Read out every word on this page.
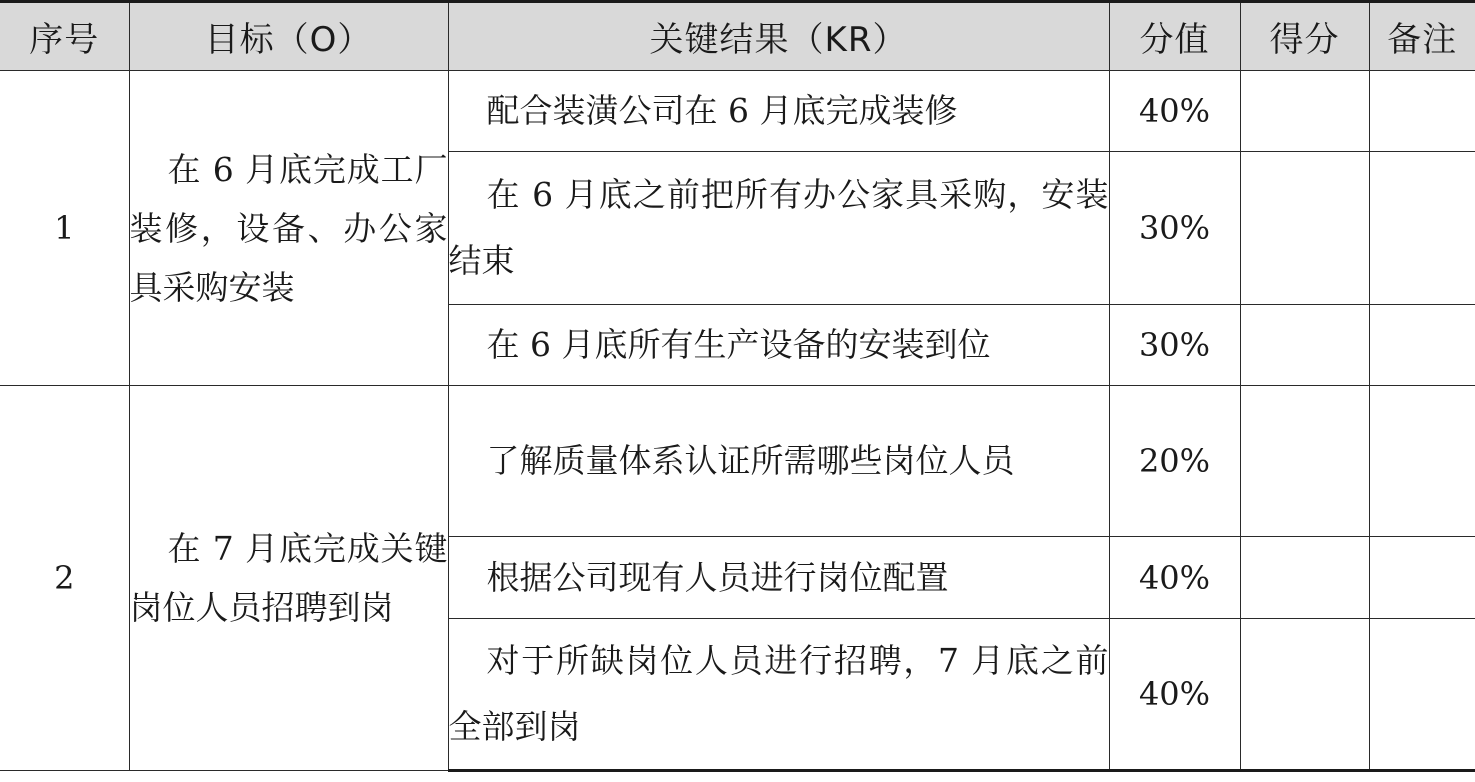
序号	目标（O）	关键结果（KR）	分值	得分	备注
1	在 6 月底完成工厂装修，设备、办公家具采购安装	配合装潢公司在 6 月底完成装修	40%		

		在 6 月底之前把所有办公家具采购，安装结束	30%		

		在 6 月底所有生产设备的安装到位	30%		
2	在 7 月底完成关键岗位人员招聘到岗	了解质量体系认证所需哪些岗位人员	20%		

		根据公司现有人员进行岗位配置	40%		

		对于所缺岗位人员进行招聘，7 月底之前全部到岗	40%		
